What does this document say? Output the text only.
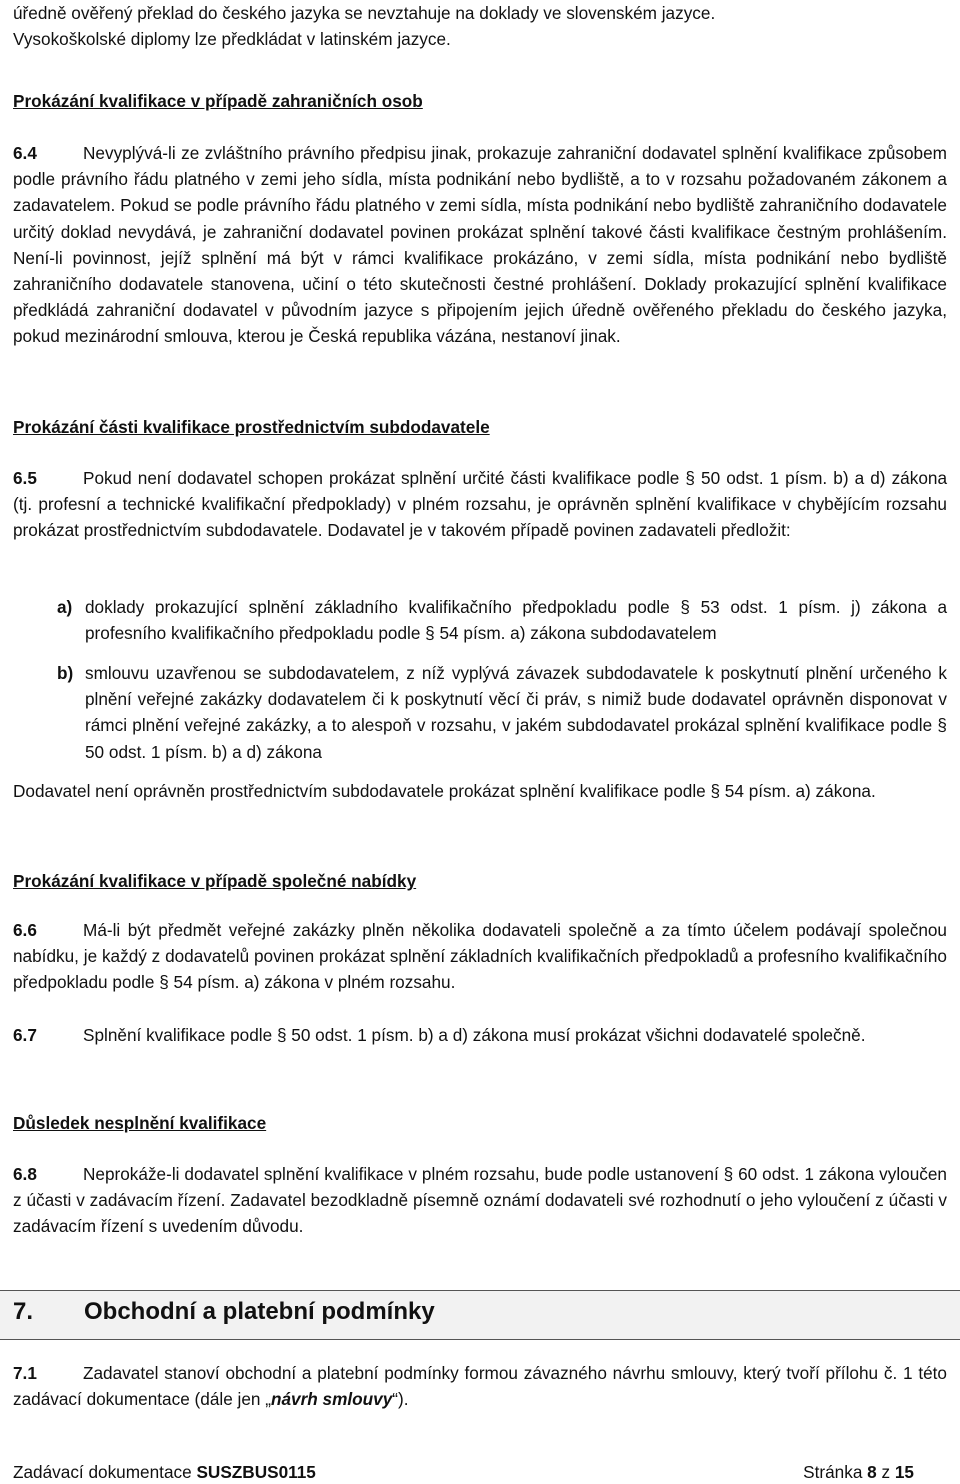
úředně ověřený překlad do českého jazyka se nevztahuje na doklady ve slovenském jazyce.
Vysokoškolské diplomy lze předkládat v latinském jazyce.
Prokázání kvalifikace v případě zahraničních osob
6.4	Nevyplývá-li ze zvláštního právního předpisu jinak, prokazuje zahraniční dodavatel splnění kvalifikace způsobem podle právního řádu platného v zemi jeho sídla, místa podnikání nebo bydliště, a to v rozsahu požadovaném zákonem a zadavatelem. Pokud se podle právního řádu platného v zemi sídla, místa podnikání nebo bydliště zahraničního dodavatele určitý doklad nevydává, je zahraniční dodavatel povinen prokázat splnění takové části kvalifikace čestným prohlášením. Není-li povinnost, jejíž splnění má být v rámci kvalifikace prokázáno, v zemi sídla, místa podnikání nebo bydliště zahraničního dodavatele stanovena, učiní o této skutečnosti čestné prohlášení. Doklady prokazující splnění kvalifikace předkládá zahraniční dodavatel v původním jazyce s připojením jejich úředně ověřeného překladu do českého jazyka, pokud mezinárodní smlouva, kterou je Česká republika vázána, nestanoví jinak.
Prokázání části kvalifikace prostřednictvím subdodavatele
6.5	Pokud není dodavatel schopen prokázat splnění určité části kvalifikace podle § 50 odst. 1 písm. b) a d) zákona (tj. profesní a technické kvalifikační předpoklady) v plném rozsahu, je oprávněn splnění kvalifikace v chybějícím rozsahu prokázat prostřednictvím subdodavatele. Dodavatel je v takovém případě povinen zadavateli předložit:
a) doklady prokazující splnění základního kvalifikačního předpokladu podle § 53 odst. 1 písm. j) zákona a profesního kvalifikačního předpokladu podle § 54 písm. a) zákona subdodavatelem
b) smlouvu uzavřenou se subdodavatelem, z níž vyplývá závazek subdodavatele k poskytnutí plnění určeného k plnění veřejné zakázky dodavatelem či k poskytnutí věcí či práv, s nimiž bude dodavatel oprávněn disponovat v rámci plnění veřejné zakázky, a to alespoň v rozsahu, v jakém subdodavatel prokázal splnění kvalifikace podle § 50 odst. 1 písm. b) a d) zákona
Dodavatel není oprávněn prostřednictvím subdodavatele prokázat splnění kvalifikace podle § 54 písm. a) zákona.
Prokázání kvalifikace v případě společné nabídky
6.6	Má-li být předmět veřejné zakázky plněn několika dodavateli společně a za tímto účelem podávají společnou nabídku, je každý z dodavatelů povinen prokázat splnění základních kvalifikačních předpokladů a profesního kvalifikačního předpokladu podle § 54 písm. a) zákona v plném rozsahu.
6.7	Splnění kvalifikace podle § 50 odst. 1 písm. b) a d) zákona musí prokázat všichni dodavatelé společně.
Důsledek nesplnění kvalifikace
6.8	Neprokáže-li dodavatel splnění kvalifikace v plném rozsahu, bude podle ustanovení § 60 odst. 1 zákona vyloučen z účasti v zadávacím řízení. Zadavatel bezodkladně písemně oznámí dodavateli své rozhodnutí o jeho vyloučení z účasti v zadávacím řízení s uvedením důvodu.
7. Obchodní a platební podmínky
7.1	Zadavatel stanoví obchodní a platební podmínky formou závazného návrhu smlouvy, který tvoří přílohu č. 1 této zadávací dokumentace (dále jen „návrh smlouvy“).
Zadávací dokumentace SUSZBUS0115	Stránka 8 z 15
